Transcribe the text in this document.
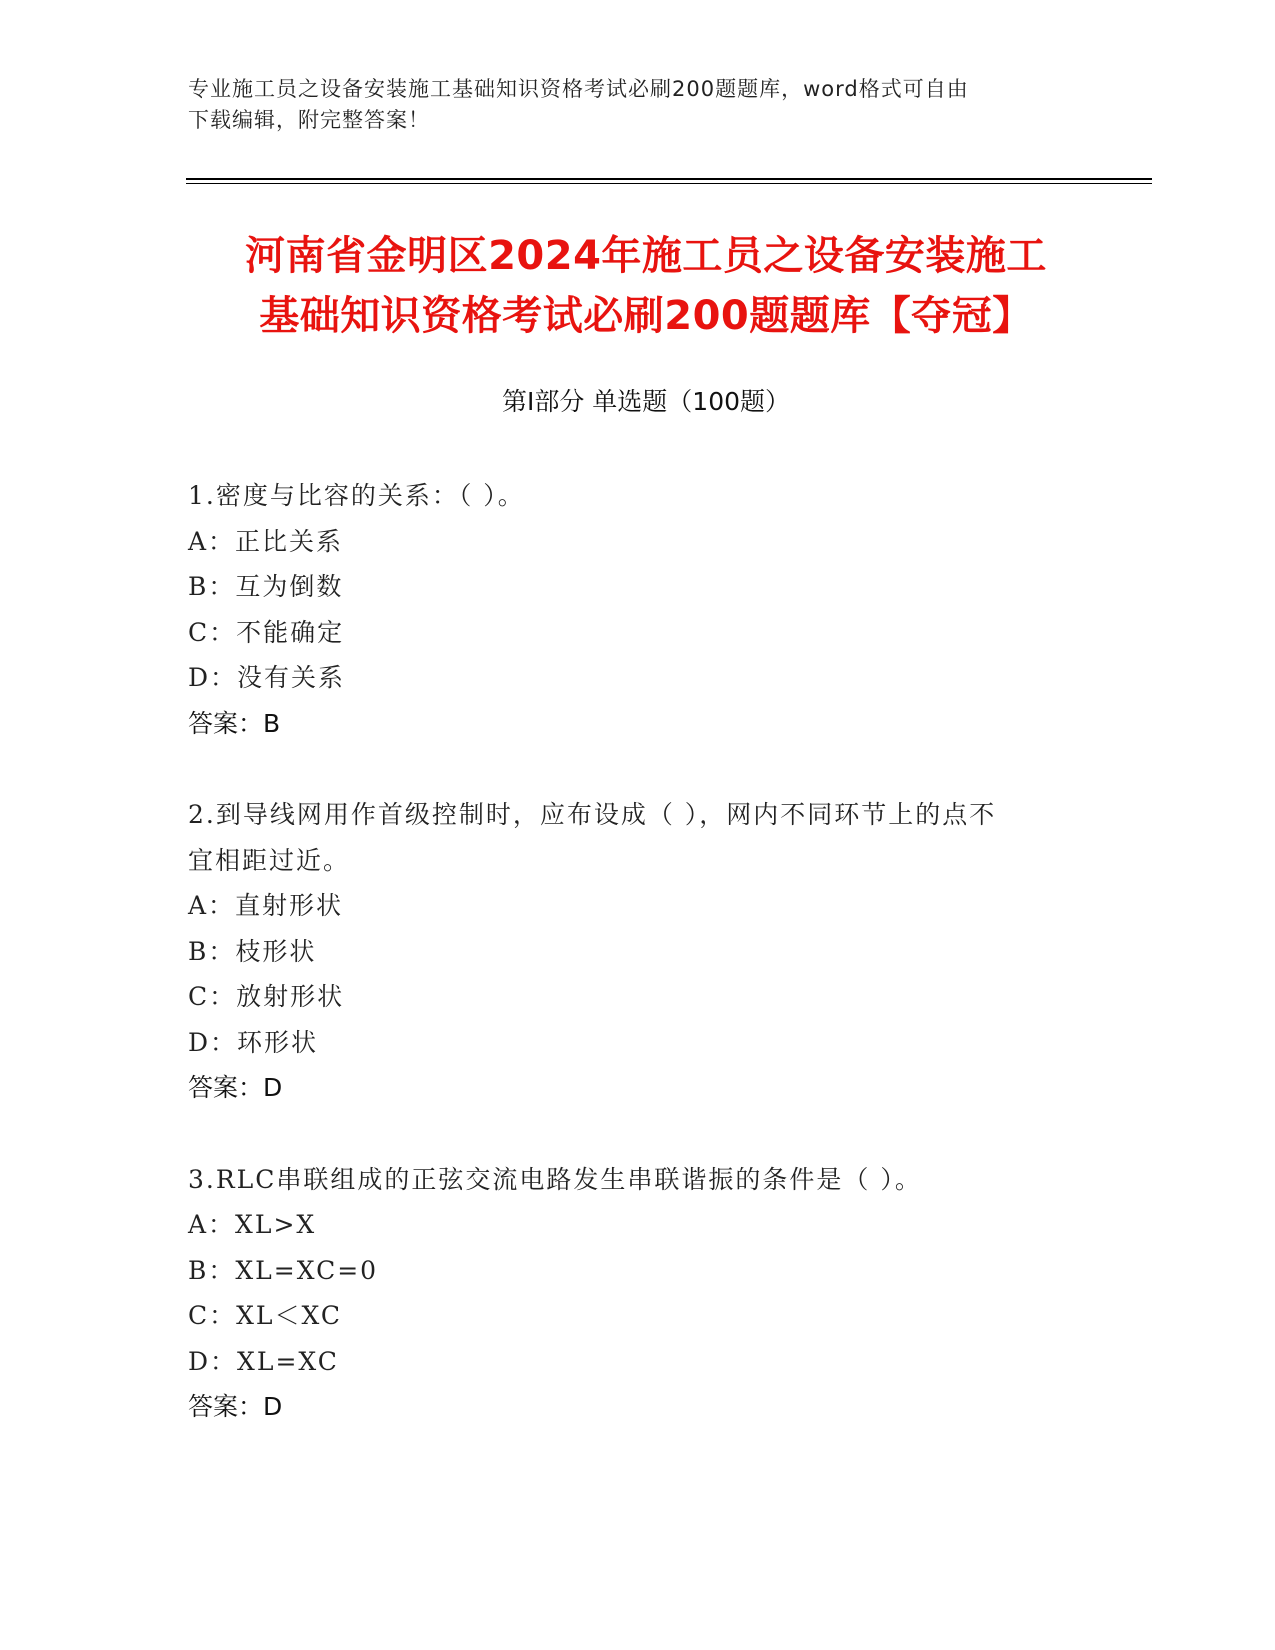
专业施工员之设备安装施工基础知识资格考试必刷200题题库，word格式可自由
下载编辑，附完整答案！
河南省金明区2024年施工员之设备安装施工
基础知识资格考试必刷200题题库【夺冠】
第Ⅰ部分 单选题（100题）

1.密度与比容的关系：（ ）。

A：正比关系

B：互为倒数

C：不能确定

D：没有关系

答案：B

2.到导线网用作首级控制时，应布设成（ ），网内不同环节上的点不

宜相距过近。

A：直射形状

B：枝形状

C：放射形状

D：环形状

答案：D

3.RLC串联组成的正弦交流电路发生串联谐振的条件是（ ）。

A：XL>X

B：XL=XC=0

C：XL＜XC

D：XL=XC

答案：D
